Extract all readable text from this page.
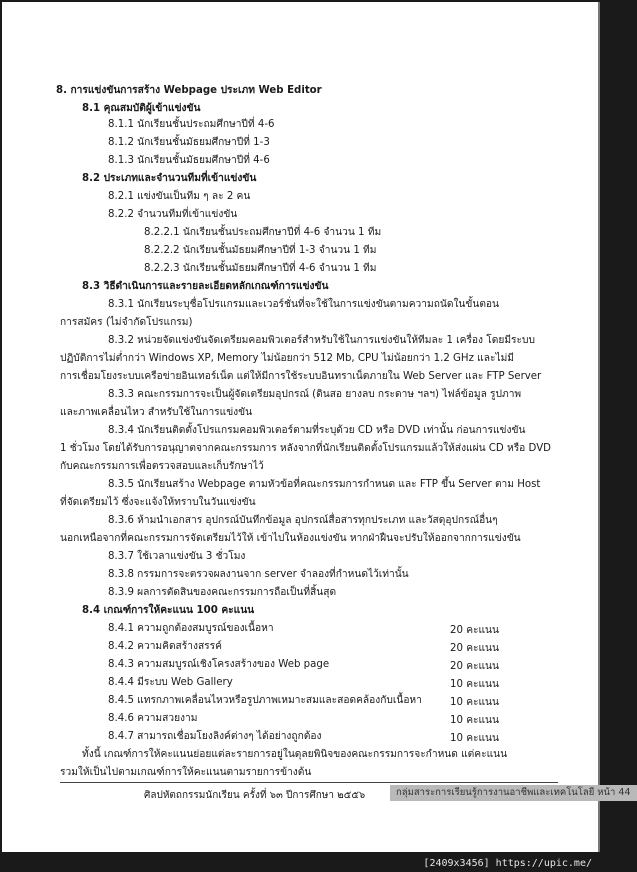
8. การแข่งขันการสร้าง Webpage ประเภท Web Editor
8.1 คุณสมบัติผู้เข้าแข่งขัน
8.1.1 นักเรียนชั้นประถมศึกษาปีที่ 4-6
8.1.2 นักเรียนชั้นมัธยมศึกษาปีที่ 1-3
8.1.3 นักเรียนชั้นมัธยมศึกษาปีที่ 4-6
8.2 ประเภทและจำนวนทีมที่เข้าแข่งขัน
8.2.1 แข่งขันเป็นทีม ๆ ละ 2 คน
8.2.2 จำนวนทีมที่เข้าแข่งขัน
8.2.2.1 นักเรียนชั้นประถมศึกษาปีที่ 4-6 จำนวน 1 ทีม
8.2.2.2 นักเรียนชั้นมัธยมศึกษาปีที่ 1-3 จำนวน 1 ทีม
8.2.2.3 นักเรียนชั้นมัธยมศึกษาปีที่ 4-6 จำนวน 1 ทีม
8.3 วิธีดำเนินการและรายละเอียดหลักเกณฑ์การแข่งขัน
8.3.1 นักเรียนระบุชื่อโปรแกรมและเวอร์ชั่นที่จะใช้ในการแข่งขันตามความถนัดในขั้นตอน
การสมัคร (ไม่จำกัดโปรแกรม)
8.3.2 หน่วยจัดแข่งขันจัดเตรียมคอมพิวเตอร์สำหรับใช้ในการแข่งขันให้ทีมละ 1 เครื่อง โดยมีระบบ
ปฏิบัติการไม่ต่ำกว่า Windows XP, Memory ไม่น้อยกว่า 512 Mb, CPU ไม่น้อยกว่า 1.2 GHz และไม่มี
การเชื่อมโยงระบบเครือข่ายอินเทอร์เน็ต แต่ให้มีการใช้ระบบอินทราเน็ตภายใน Web Server และ FTP Server
8.3.3 คณะกรรมการจะเป็นผู้จัดเตรียมอุปกรณ์ (ดินสอ ยางลบ กระดาษ ฯลฯ) ไฟล์ข้อมูล รูปภาพ
และภาพเคลื่อนไหว สำหรับใช้ในการแข่งขัน
8.3.4 นักเรียนติดตั้งโปรแกรมคอมพิวเตอร์ตามที่ระบุด้วย CD หรือ DVD เท่านั้น ก่อนการแข่งขัน
1 ชั่วโมง โดยได้รับการอนุญาตจากคณะกรรมการ หลังจากที่นักเรียนติดตั้งโปรแกรมแล้วให้ส่งแผ่น CD หรือ DVD
กับคณะกรรมการเพื่อตรวจสอบและเก็บรักษาไว้
8.3.5 นักเรียนสร้าง Webpage ตามหัวข้อที่คณะกรรมการกำหนด และ FTP ขึ้น Server ตาม Host
ที่จัดเตรียมไว้ ซึ่งจะแจ้งให้ทราบในวันแข่งขัน
8.3.6 ห้ามนำเอกสาร อุปกรณ์บันทึกข้อมูล อุปกรณ์สื่อสารทุกประเภท และวัสดุอุปกรณ์อื่นๆ
นอกเหนือจากที่คณะกรรมการจัดเตรียมไว้ให้ เข้าไปในห้องแข่งขัน หากฝ่าฝืนจะปรับให้ออกจากการแข่งขัน
8.3.7 ใช้เวลาแข่งขัน 3 ชั่วโมง
8.3.8 กรรมการจะตรวจผลงานจาก server จำลองที่กำหนดไว้เท่านั้น
8.3.9 ผลการตัดสินของคณะกรรมการถือเป็นที่สิ้นสุด
8.4 เกณฑ์การให้คะแนน 100 คะแนน
8.4.1 ความถูกต้องสมบูรณ์ของเนื้อหา	20 คะแนน
8.4.2 ความคิดสร้างสรรค์	20 คะแนน
8.4.3 ความสมบูรณ์เชิงโครงสร้างของ Web page	20 คะแนน
8.4.4 มีระบบ Web Gallery	10 คะแนน
8.4.5 แทรกภาพเคลื่อนไหวหรือรูปภาพเหมาะสมและสอดคล้องกับเนื้อหา	10 คะแนน
8.4.6 ความสวยงาม	10 คะแนน
8.4.7 สามารถเชื่อมโยงลิงค์ต่างๆ ได้อย่างถูกต้อง	10 คะแนน
ทั้งนี้ เกณฑ์การให้คะแนนย่อยแต่ละรายการอยู่ในดุลยพินิจของคณะกรรมการจะกำหนด แต่คะแนน
รวมให้เป็นไปตามเกณฑ์การให้คะแนนตามรายการข้างต้น
ศิลปหัตถกรรมนักเรียน ครั้งที่ ๖๓ ปีการศึกษา ๒๕๕๖	กลุ่มสาระการเรียนรู้การงานอาชีพและเทคโนโลยี หน้า 44
[2409x3456] https://upic.me/
